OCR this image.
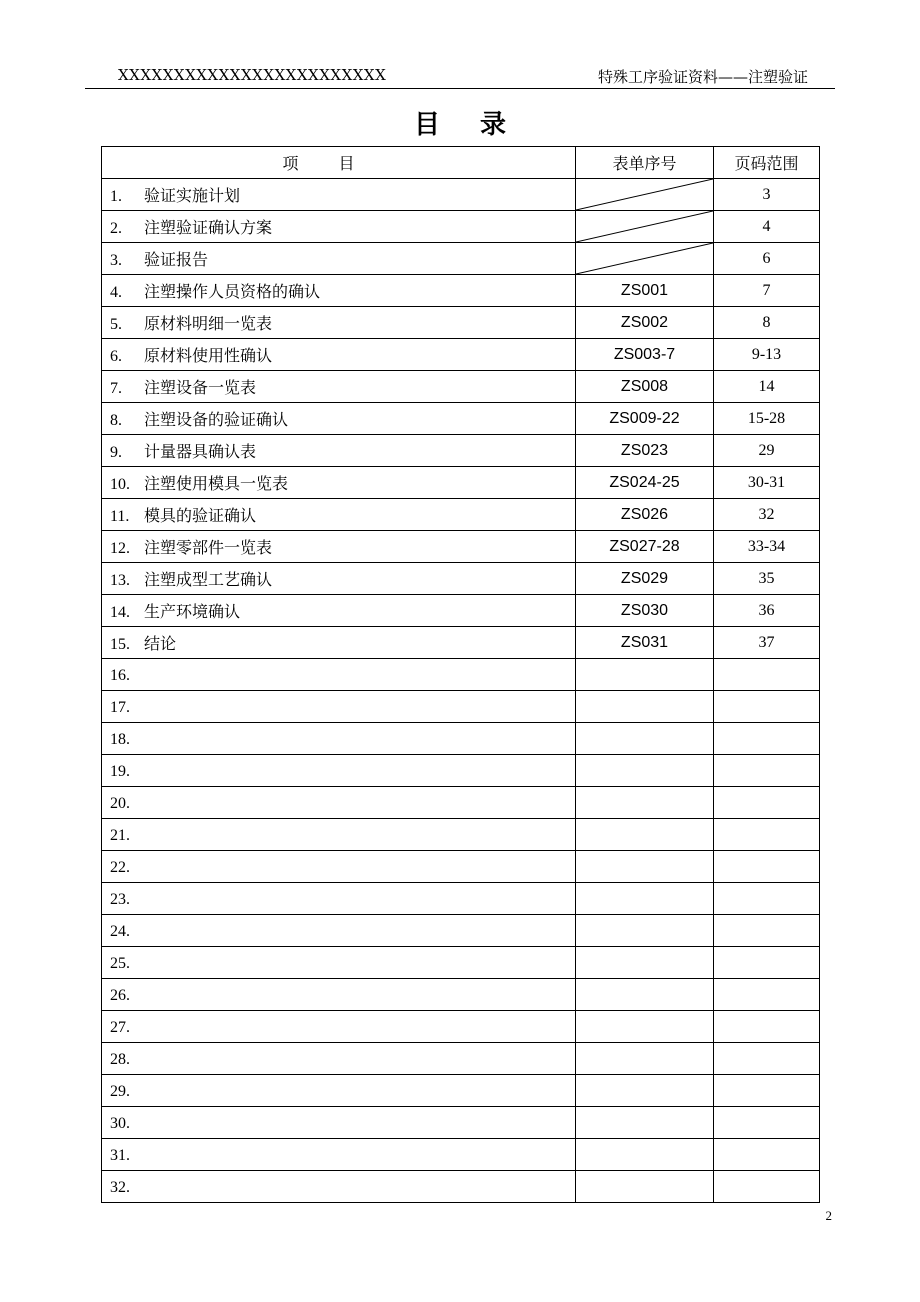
XXXXXXXXXXXXXXXXXXXXXXXX	特殊工序验证资料——注塑验证
目录
项目	表单序号	页码范围
1. 验证实施计划		3
2. 注塑验证确认方案		4
3. 验证报告		6
4. 注塑操作人员资格的确认	ZS001	7
5. 原材料明细一览表	ZS002	8
6. 原材料使用性确认	ZS003-7	9-13
7. 注塑设备一览表	ZS008	14
8. 注塑设备的验证确认	ZS009-22	15-28
9. 计量器具确认表	ZS023	29
10. 注塑使用模具一览表	ZS024-25	30-31
11. 模具的验证确认	ZS026	32
12. 注塑零部件一览表	ZS027-28	33-34
13. 注塑成型工艺确认	ZS029	35
14. 生产环境确认	ZS030	36
15. 结论	ZS031	37
16.		
17.		
18.		
19.		
20.		
21.		
22.		
23.		
24.		
25.		
26.		
27.		
28.		
29.		
30.		
31.		
32.		
2
